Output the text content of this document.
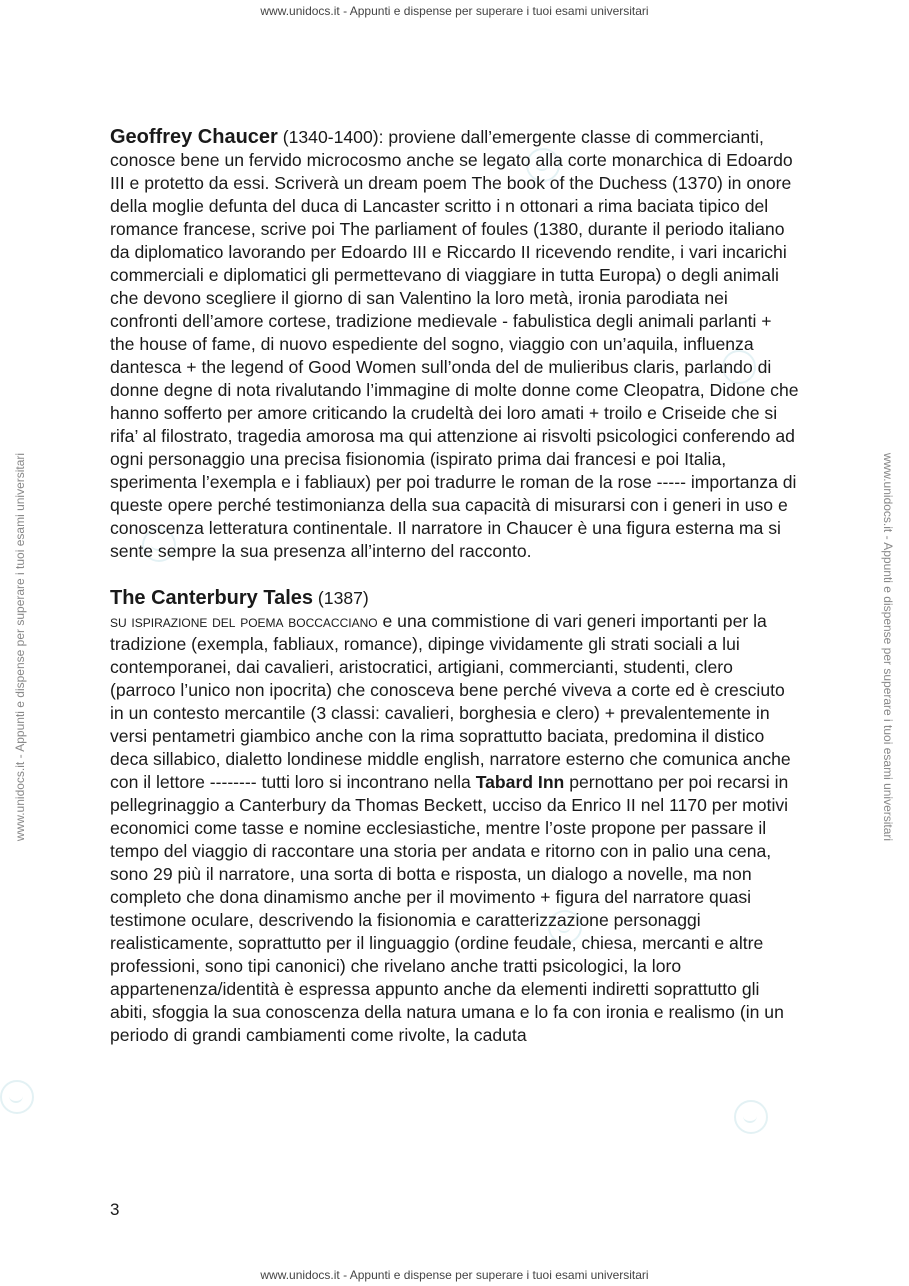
www.unidocs.it - Appunti e dispense per superare i tuoi esami universitari
www.unidocs.it - Appunti e dispense per superare i tuoi esami universitari	www.unidocs.it - Appunti e dispense per superare i tuoi esami universitari

Geoffrey Chaucer (1340-1400): proviene dall’emergente classe di commercianti, conosce bene un fervido microcosmo anche se legato alla corte monarchica di Edoardo III e protetto da essi. Scriverà un dream poem The book of the Duchess (1370) in onore della moglie defunta del duca di Lancaster scritto i n ottonari a rima baciata tipico del romance francese, scrive poi The parliament of foules (1380, durante il periodo italiano da diplomatico lavorando per Edoardo III e Riccardo II ricevendo rendite, i vari incarichi commerciali e diplomatici gli permettevano di viaggiare in tutta Europa) o degli animali che devono scegliere il giorno di san Valentino la loro metà, ironia parodiata nei confronti dell’amore cortese, tradizione medievale - fabulistica degli animali parlanti + the house of fame, di nuovo espediente del sogno, viaggio con un’aquila, influenza dantesca + the legend of Good Women sull’onda del de mulieribus claris, parlando di donne degne di nota rivalutando l’immagine di molte donne come Cleopatra, Didone che hanno sofferto per amore criticando la crudeltà dei loro amati + troilo e Criseide che si rifa’ al filostrato, tragedia amorosa ma qui attenzione ai risvolti psicologici conferendo ad ogni personaggio una precisa fisionomia (ispirato prima dai francesi e poi Italia, sperimenta l’exempla e i fabliaux) per poi tradurre le roman de la rose ----- importanza di queste opere perché testimonianza della sua capacità di misurarsi con i generi in uso e conoscenza letteratura continentale. Il narratore in Chaucer è una figura esterna ma si sente sempre la sua presenza all’interno del racconto.

The Canterbury Tales (1387)
su ispirazione del poema boccacciano e una commistione di vari generi importanti per la tradizione (exempla, fabliaux, romance), dipinge vividamente gli strati sociali a lui contemporanei, dai cavalieri, aristocratici, artigiani, commercianti, studenti, clero (parroco l’unico non ipocrita) che conosceva bene perché viveva a corte ed è cresciuto in un contesto mercantile (3 classi: cavalieri, borghesia e clero) + prevalentemente in versi pentametri giambico anche con la rima soprattutto baciata, predomina il distico deca sillabico, dialetto londinese middle english, narratore esterno che comunica anche con il lettore -------- tutti loro si incontrano nella Tabard Inn pernottano per poi recarsi in pellegrinaggio a Canterbury da Thomas Beckett, ucciso da Enrico II nel 1170 per motivi economici come tasse e nomine ecclesiastiche, mentre l’oste propone per passare il tempo del viaggio di raccontare una storia per andata e ritorno con in palio una cena, sono 29 più il narratore, una sorta di botta e risposta, un dialogo a novelle, ma non completo che dona dinamismo anche per il movimento + figura del narratore quasi testimone oculare, descrivendo la fisionomia e caratterizzazione personaggi realisticamente, soprattutto per il linguaggio (ordine feudale, chiesa, mercanti e altre professioni, sono tipi canonici) che rivelano anche tratti psicologici, la loro appartenenza/identità è espressa appunto anche da elementi indiretti soprattutto gli abiti, sfoggia la sua conoscenza della natura umana e lo fa con ironia e realismo (in un periodo di grandi cambiamenti come rivolte, la caduta

3
www.unidocs.it - Appunti e dispense per superare i tuoi esami universitari
